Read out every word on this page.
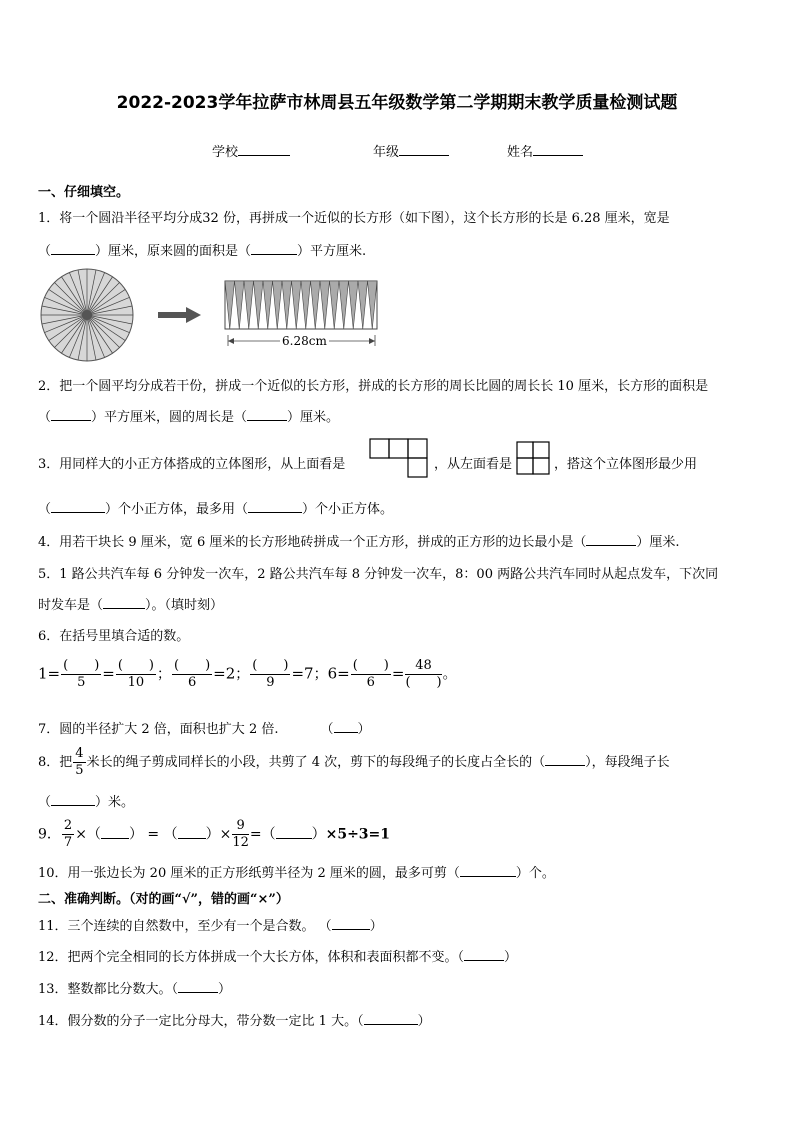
2022-2023学年拉萨市林周县五年级数学第二学期期末教学质量检测试题
学校	年级	姓名
一、仔细填空。
1．将一个圆沿半径平均分成32 份，再拼成一个近似的长方形（如下图），这个长方形的长是 6.28 厘米，宽是
（	）厘米，原来圆的面积是（	）平方厘米.
6.28cm
2．把一个圆平均分成若干份，拼成一个近似的长方形，拼成的长方形的周长比圆的周长长 10 厘米，长方形的面积是
（	）平方厘米，圆的周长是（	）厘米。
3．用同样大的小正方体搭成的立体图形，从上面看是	，从左面看是	，搭这个立体图形最少用
（	）个小正方体，最多用（	）个小正方体。
4．用若干块长 9 厘米，宽 6 厘米的长方形地砖拼成一个正方形，拼成的正方形的边长最小是（	）厘米.
5．1 路公共汽车每 6 分钟发一次车，2 路公共汽车每 8 分钟发一次车，8：00 两路公共汽车同时从起点发车，下次同
时发车是（	）。（填时刻）
6．在括号里填合适的数。
$1= \frac{( )}{5} = \frac{( )}{10}$ ； $\frac{( )}{6} =2$； $\frac{( )}{9} =7$；$6= \frac{( )}{6} = \frac{48}{( )}$ 。
7．圆的半径扩大 2 倍，面积也扩大 2 倍.	（ ）
8．把 $\frac{4}{5}$ 米长的绳子剪成同样长的小段，共剪了 4 次，剪下的每段绳子的长度占全长的（	），每段绳子长
（	）米。
9． $\frac{2}{7}$ ×（ ） = （ ）× $\frac{9}{12}$ =（	）×5÷3=1
10．用一张边长为 20 厘米的正方形纸剪半径为 2 厘米的圆，最多可剪（	）个。
二、准确判断。（对的画“√”，错的画“×”）
11．三个连续的自然数中，至少有一个是合数。 （	）
12．把两个完全相同的长方体拼成一个大长方体，体积和表面积都不变。（	）
13．整数都比分数大。（	）
14．假分数的分子一定比分母大，带分数一定比 1 大。（	）
